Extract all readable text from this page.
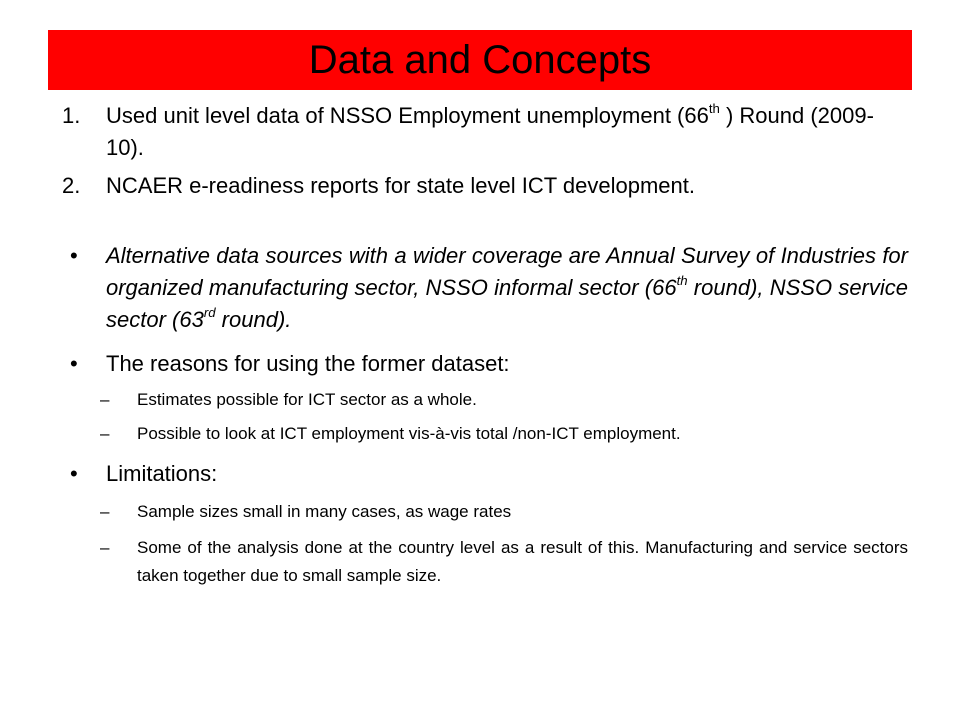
Data and Concepts
1. Used unit level data of NSSO Employment unemployment (66th ) Round (2009-10).
2. NCAER e-readiness reports for state level ICT development.
• Alternative data sources with a wider coverage are Annual Survey of Industries for organized manufacturing sector, NSSO informal sector (66th round), NSSO service sector (63rd round).
• The reasons for using the former dataset:
– Estimates possible for ICT sector as a whole.
– Possible to look at ICT employment vis-à-vis total /non-ICT employment.
• Limitations:
– Sample sizes small in many cases, as wage rates
– Some of the analysis done at the country level as a result of this. Manufacturing and service sectors taken together due to small sample size.
